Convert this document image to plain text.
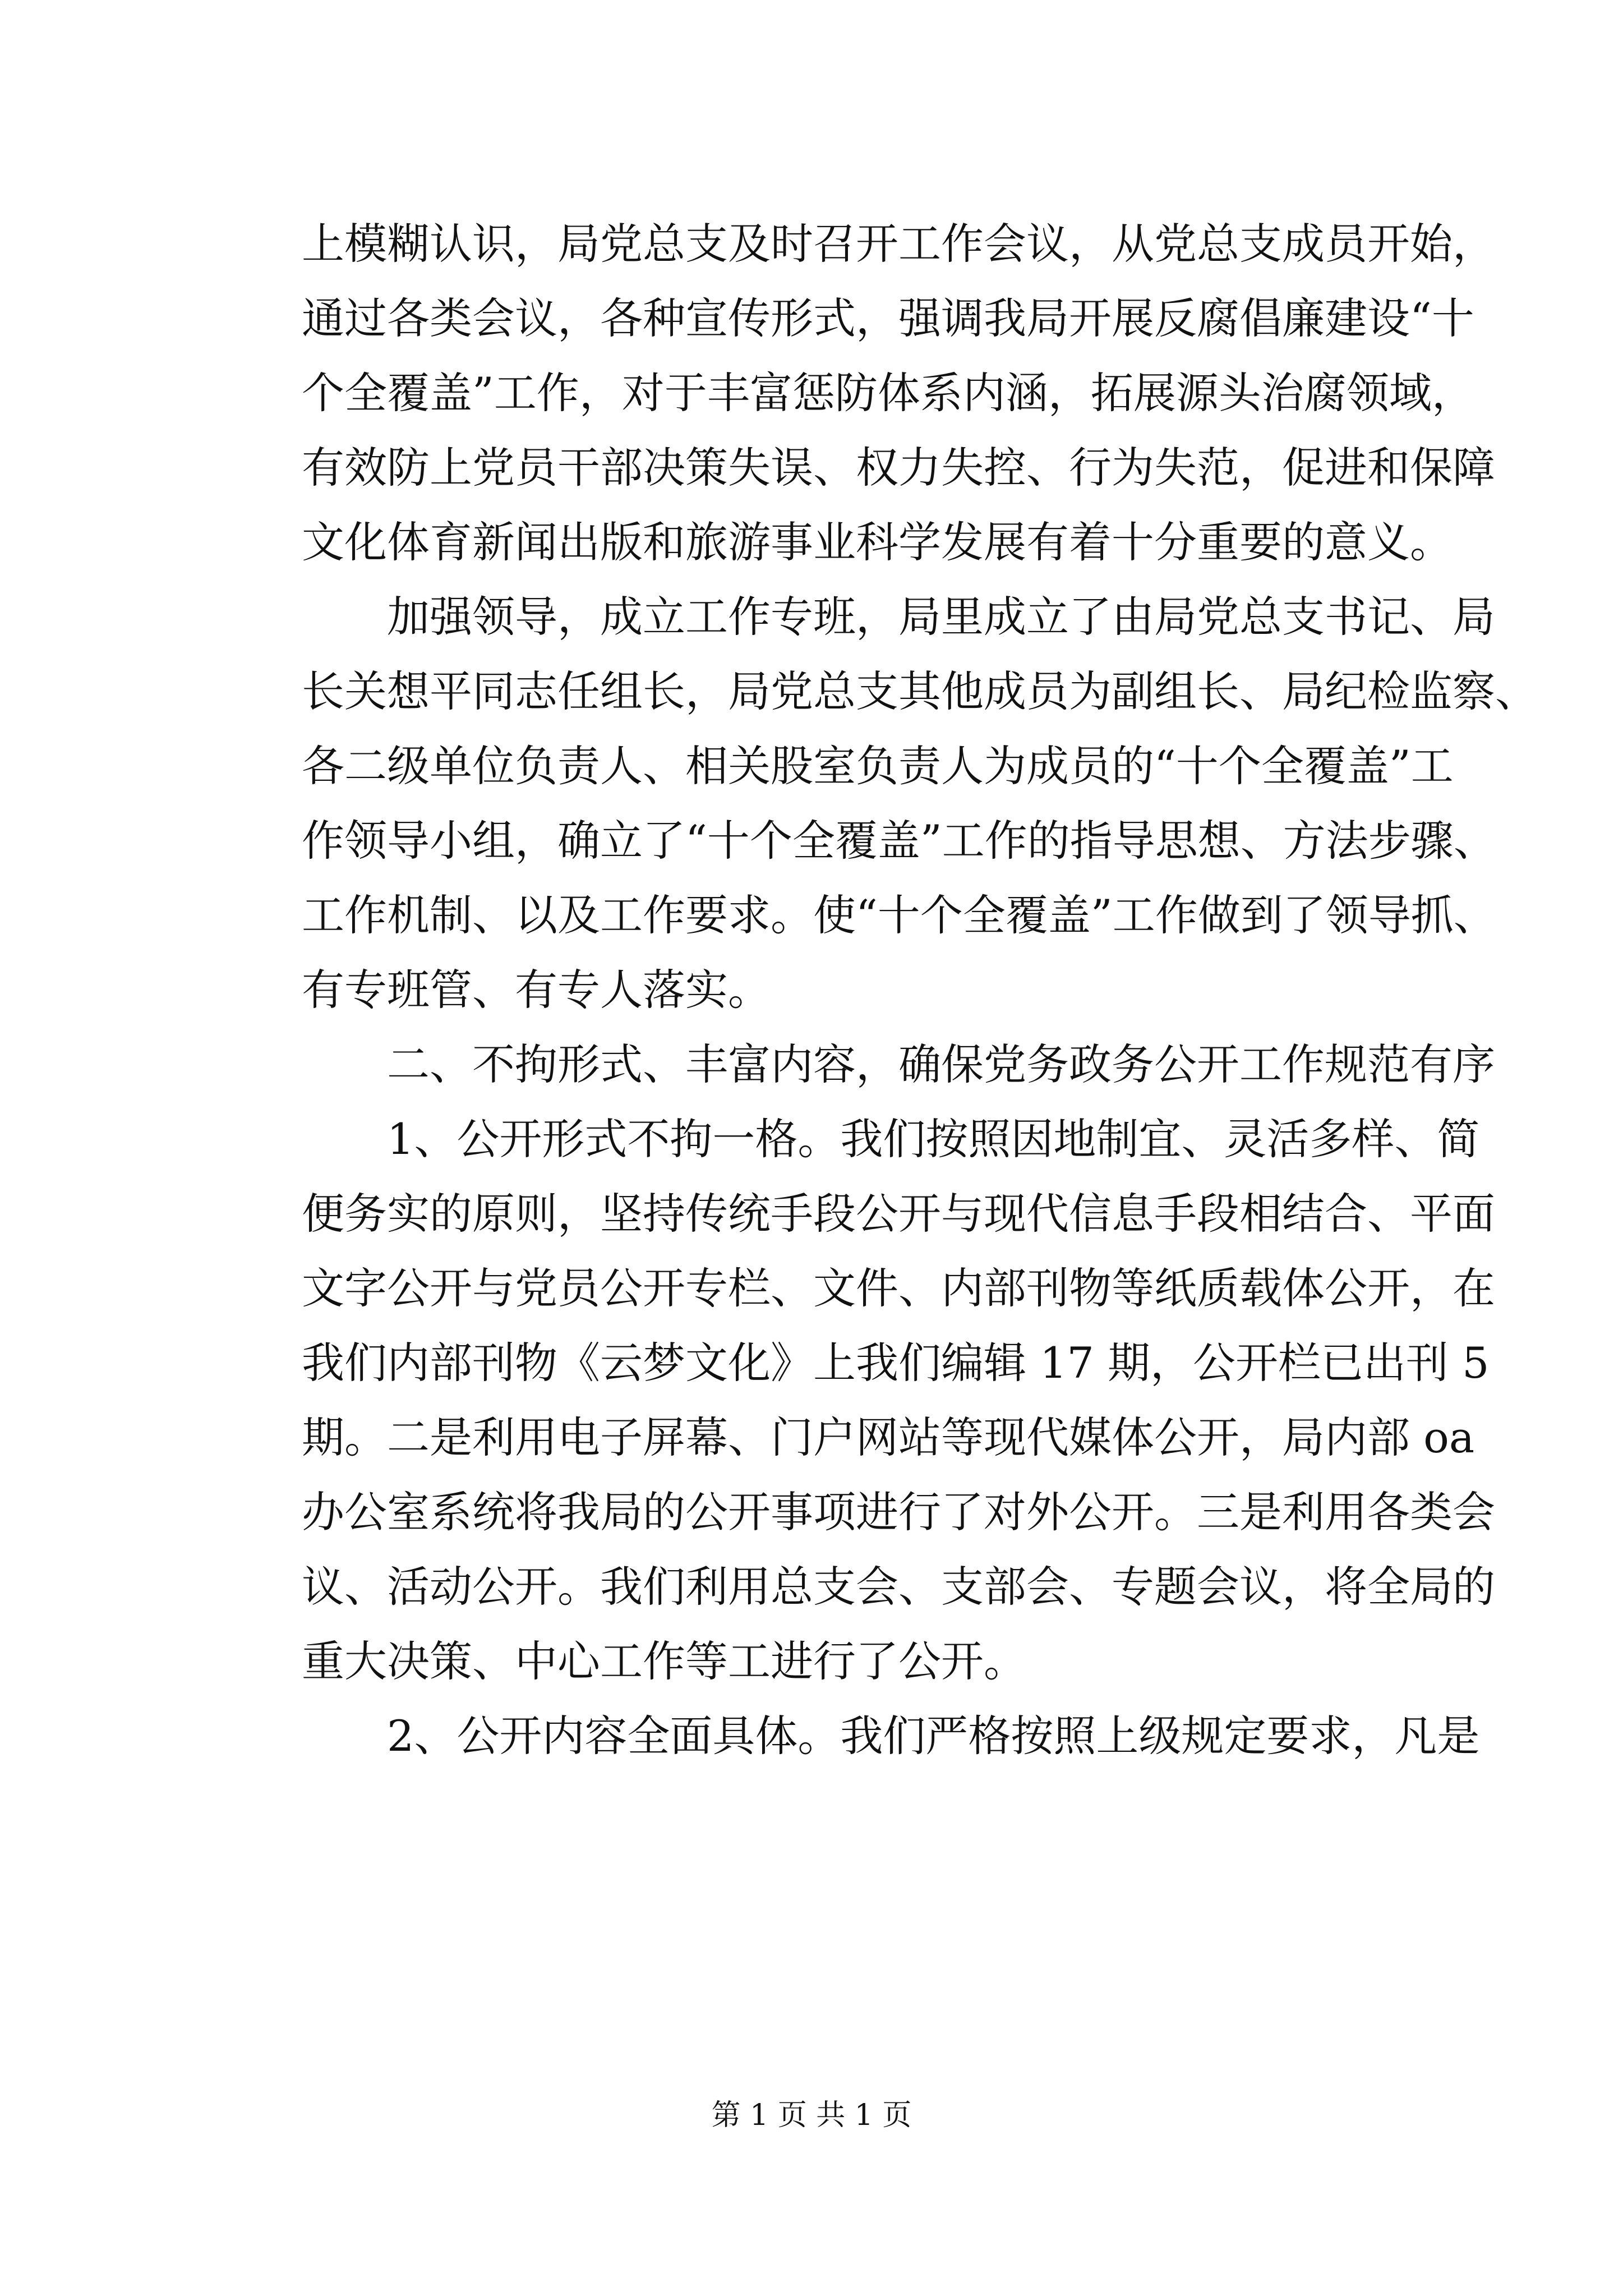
上模糊认识，局党总支及时召开工作会议，从党总支成员开始，
通过各类会议，各种宣传形式，强调我局开展反腐倡廉建设“十
个全覆盖”工作，对于丰富惩防体系内涵，拓展源头治腐领域，
有效防上党员干部决策失误、权力失控、行为失范，促进和保障
文化体育新闻出版和旅游事业科学发展有着十分重要的意义。
　　加强领导，成立工作专班，局里成立了由局党总支书记、局
长关想平同志任组长，局党总支其他成员为副组长、局纪检监察、
各二级单位负责人、相关股室负责人为成员的“十个全覆盖”工
作领导小组，确立了“十个全覆盖”工作的指导思想、方法步骤、
工作机制、以及工作要求。使“十个全覆盖”工作做到了领导抓、
有专班管、有专人落实。
　　二、不拘形式、丰富内容，确保党务政务公开工作规范有序
　　1、公开形式不拘一格。我们按照因地制宜、灵活多样、简
便务实的原则，坚持传统手段公开与现代信息手段相结合、平面
文字公开与党员公开专栏、文件、内部刊物等纸质载体公开，在
我们内部刊物《云梦文化》上我们编辑 17 期，公开栏已出刊 5
期。二是利用电子屏幕、门户网站等现代媒体公开，局内部 oa
办公室系统将我局的公开事项进行了对外公开。三是利用各类会
议、活动公开。我们利用总支会、支部会、专题会议，将全局的
重大决策、中心工作等工进行了公开。
　　2、公开内容全面具体。我们严格按照上级规定要求，凡是
第 1 页 共 1 页
